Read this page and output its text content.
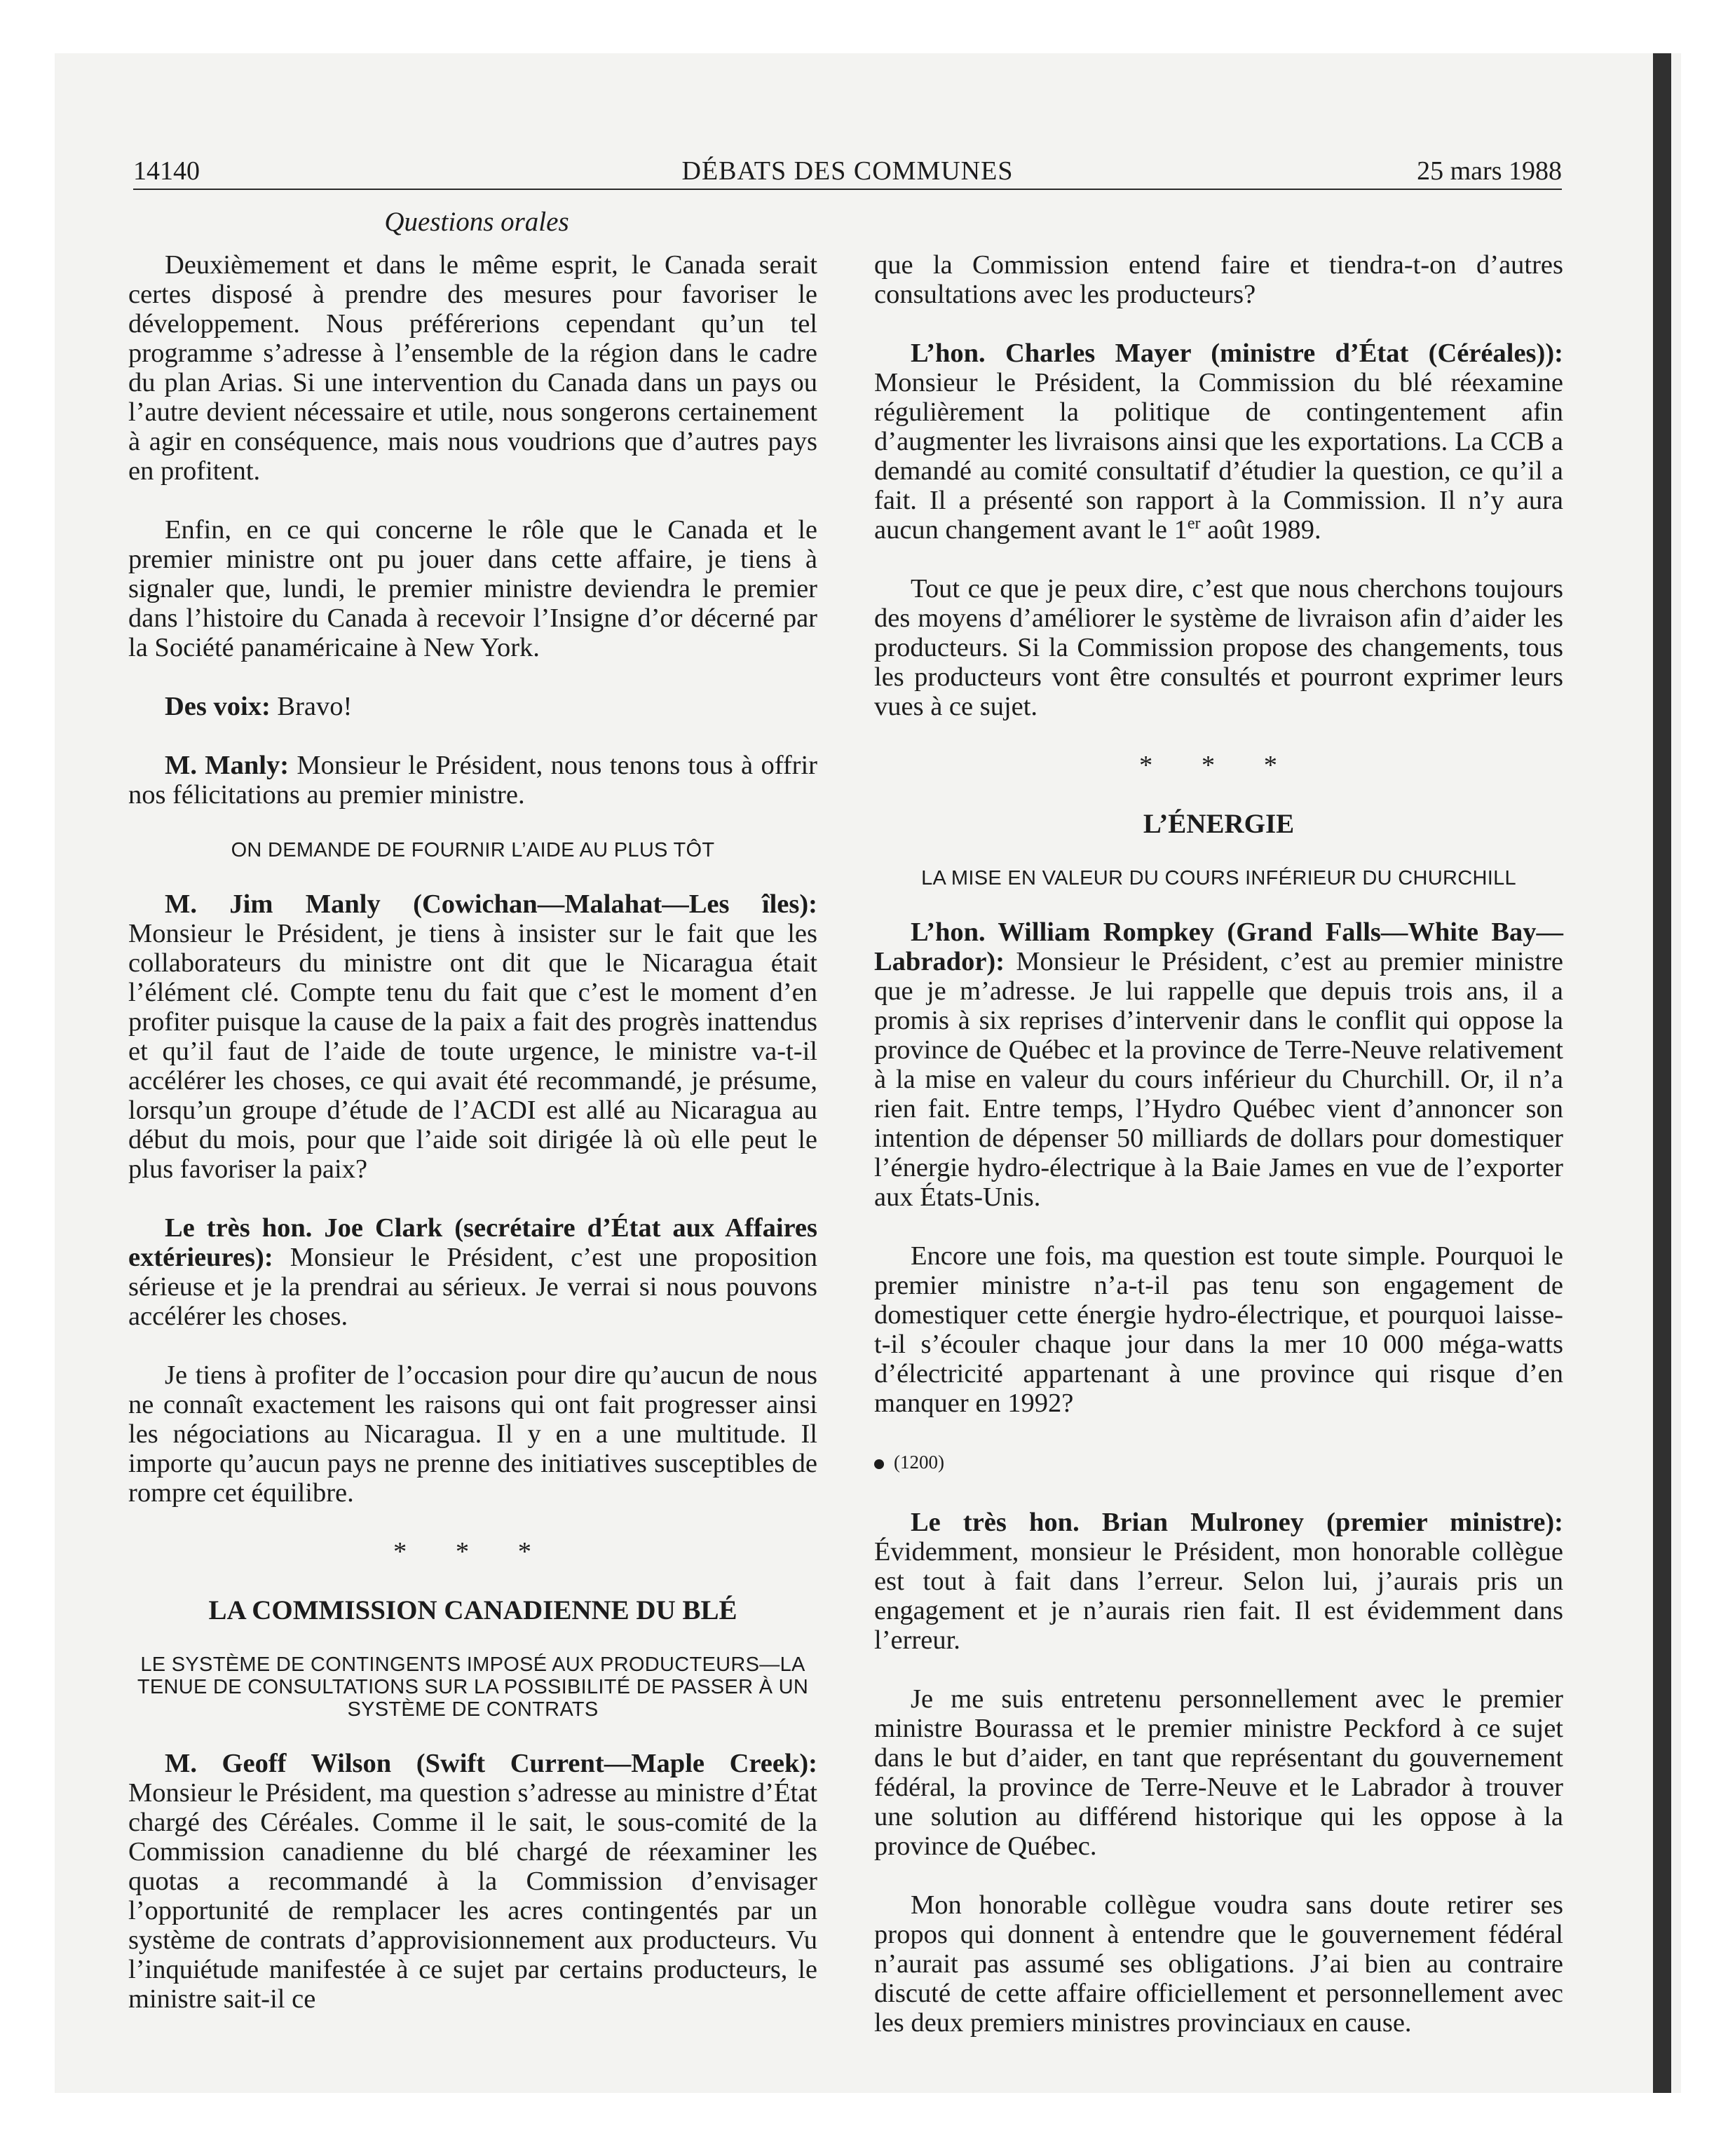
14140	DÉBATS DES COMMUNES	25 mars 1988
Questions orales

Deuxièmement et dans le même esprit, le Canada serait certes disposé à prendre des mesures pour favoriser le développement. Nous préférerions cependant qu’un tel programme s’adresse à l’ensemble de la région dans le cadre du plan Arias. Si une intervention du Canada dans un pays ou l’autre devient nécessaire et utile, nous songerons certainement à agir en conséquence, mais nous voudrions que d’autres pays en profitent.

Enfin, en ce qui concerne le rôle que le Canada et le premier ministre ont pu jouer dans cette affaire, je tiens à signaler que, lundi, le premier ministre deviendra le premier dans l’histoire du Canada à recevoir l’Insigne d’or décerné par la Société panaméricaine à New York.

Des voix: Bravo!

M. Manly: Monsieur le Président, nous tenons tous à offrir nos félicitations au premier ministre.

ON DEMANDE DE FOURNIR L’AIDE AU PLUS TÔT

M. Jim Manly (Cowichan—Malahat—Les îles): Monsieur le Président, je tiens à insister sur le fait que les collaborateurs du ministre ont dit que le Nicaragua était l’élément clé. Compte tenu du fait que c’est le moment d’en profiter puisque la cause de la paix a fait des progrès inattendus et qu’il faut de l’aide de toute urgence, le ministre va-t-il accélérer les choses, ce qui avait été recommandé, je présume, lorsqu’un groupe d’étude de l’ACDI est allé au Nicaragua au début du mois, pour que l’aide soit dirigée là où elle peut le plus favoriser la paix?

Le très hon. Joe Clark (secrétaire d’État aux Affaires extérieures): Monsieur le Président, c’est une proposition sérieuse et je la prendrai au sérieux. Je verrai si nous pouvons accélérer les choses.

Je tiens à profiter de l’occasion pour dire qu’aucun de nous ne connaît exactement les raisons qui ont fait progresser ainsi les négociations au Nicaragua. Il y en a une multitude. Il importe qu’aucun pays ne prenne des initiatives susceptibles de rompre cet équilibre.

* * *
LA COMMISSION CANADIENNE DU BLÉ
LE SYSTÈME DE CONTINGENTS IMPOSÉ AUX PRODUCTEURS—LA TENUE DE CONSULTATIONS SUR LA POSSIBILITÉ DE PASSER À UN SYSTÈME DE CONTRATS

M. Geoff Wilson (Swift Current—Maple Creek): Monsieur le Président, ma question s’adresse au ministre d’État chargé des Céréales. Comme il le sait, le sous-comité de la Commission canadienne du blé chargé de réexaminer les quotas a recommandé à la Commission d’envisager l’opportunité de remplacer les acres contingentés par un système de contrats d’approvisionnement aux producteurs. Vu l’inquiétude manifestée à ce sujet par certains producteurs, le ministre sait-il ce

que la Commission entend faire et tiendra-t-on d’autres consultations avec les producteurs?

L’hon. Charles Mayer (ministre d’État (Céréales)): Monsieur le Président, la Commission du blé réexamine régulièrement la politique de contingentement afin d’augmenter les livraisons ainsi que les exportations. La CCB a demandé au comité consultatif d’étudier la question, ce qu’il a fait. Il a présenté son rapport à la Commission. Il n’y aura aucun changement avant le 1er août 1989.

Tout ce que je peux dire, c’est que nous cherchons toujours des moyens d’améliorer le système de livraison afin d’aider les producteurs. Si la Commission propose des changements, tous les producteurs vont être consultés et pourront exprimer leurs vues à ce sujet.

* * *
L’ÉNERGIE
LA MISE EN VALEUR DU COURS INFÉRIEUR DU CHURCHILL

L’hon. William Rompkey (Grand Falls—White Bay—Labrador): Monsieur le Président, c’est au premier ministre que je m’adresse. Je lui rappelle que depuis trois ans, il a promis à six reprises d’intervenir dans le conflit qui oppose la province de Québec et la province de Terre-Neuve relativement à la mise en valeur du cours inférieur du Churchill. Or, il n’a rien fait. Entre temps, l’Hydro Québec vient d’annoncer son intention de dépenser 50 milliards de dollars pour domestiquer l’énergie hydro-électrique à la Baie James en vue de l’exporter aux États-Unis.

Encore une fois, ma question est toute simple. Pourquoi le premier ministre n’a-t-il pas tenu son engagement de domestiquer cette énergie hydro-électrique, et pourquoi laisse-t-il s’écouler chaque jour dans la mer 10 000 méga-watts d’électricité appartenant à une province qui risque d’en manquer en 1992?

(1200)

Le très hon. Brian Mulroney (premier ministre): Évidemment, monsieur le Président, mon honorable collègue est tout à fait dans l’erreur. Selon lui, j’aurais pris un engagement et je n’aurais rien fait. Il est évidemment dans l’erreur.

Je me suis entretenu personnellement avec le premier ministre Bourassa et le premier ministre Peckford à ce sujet dans le but d’aider, en tant que représentant du gouvernement fédéral, la province de Terre-Neuve et le Labrador à trouver une solution au différend historique qui les oppose à la province de Québec.

Mon honorable collègue voudra sans doute retirer ses propos qui donnent à entendre que le gouvernement fédéral n’aurait pas assumé ses obligations. J’ai bien au contraire discuté de cette affaire officiellement et personnellement avec les deux premiers ministres provinciaux en cause.
